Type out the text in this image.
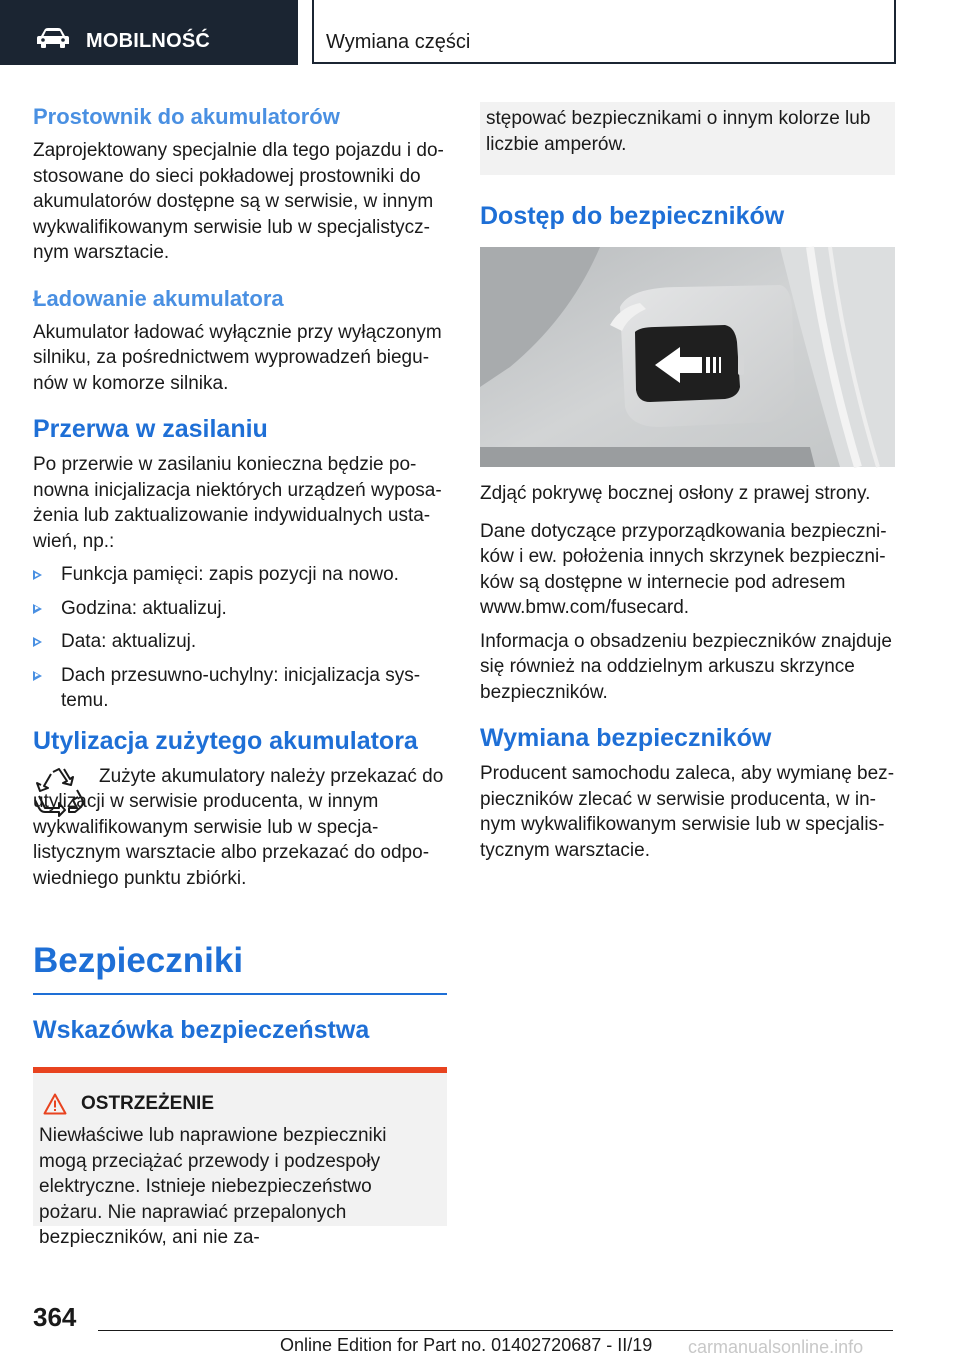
MOBILNOŚĆ	Wymiana części
Prostownik do akumulatorów

Zaprojektowany specjalnie dla tego pojazdu i dostosowane do sieci pokładowej prostowniki do akumulatorów dostępne są w serwisie, w innym wykwalifikowanym serwisie lub w specjalistycznym warsztacie.

Ładowanie akumulatora

Akumulator ładować wyłącznie przy wyłączonym silniku, za pośrednictwem wyprowadzeń biegunów w komorze silnika.

Przerwa w zasilaniu

Po przerwie w zasilaniu konieczna będzie ponowna inicjalizacja niektórych urządzeń wyposażenia lub zaktualizowanie indywidualnych ustawień, np.:

Funkcja pamięci: zapis pozycji na nowo.
Godzina: aktualizuj.
Data: aktualizuj.
Dach przesuwno-uchylny: inicjalizacja systemu.
Utylizacja zużytego akumulatora

Zużyte akumulatory należy przekazać do utylizacji w serwisie producenta, w innym wykwalifikowanym serwisie lub w specjalistycznym warsztacie albo przekazać do odpowiedniego punktu zbiórki.

Bezpieczniki
Wskazówka bezpieczeństwa
OSTRZEŻENIE

Niewłaściwe lub naprawione bezpieczniki mogą przeciążać przewody i podzespoły elektryczne. Istnieje niebezpieczeństwo pożaru. Nie naprawiać przepalonych bezpieczników, ani nie za-

stępować bezpiecznikami o innym kolorze lub liczbie amperów.

Dostęp do bezpieczników

Zdjąć pokrywę bocznej osłony z prawej strony.

Dane dotyczące przyporządkowania bezpieczników i ew. położenia innych skrzynek bezpieczników są dostępne w internecie pod adresem www.bmw.com/fusecard.

Informacja o obsadzeniu bezpieczników znajduje się również na oddzielnym arkuszu skrzynce bezpieczników.

Wymiana bezpieczników

Producent samochodu zaleca, aby wymianę bezpieczników zlecać w serwisie producenta, w innym wykwalifikowanym serwisie lub w specjalistycznym warsztacie.

364
Online Edition for Part no. 01402720687 - II/19 carmanualsonline.info
